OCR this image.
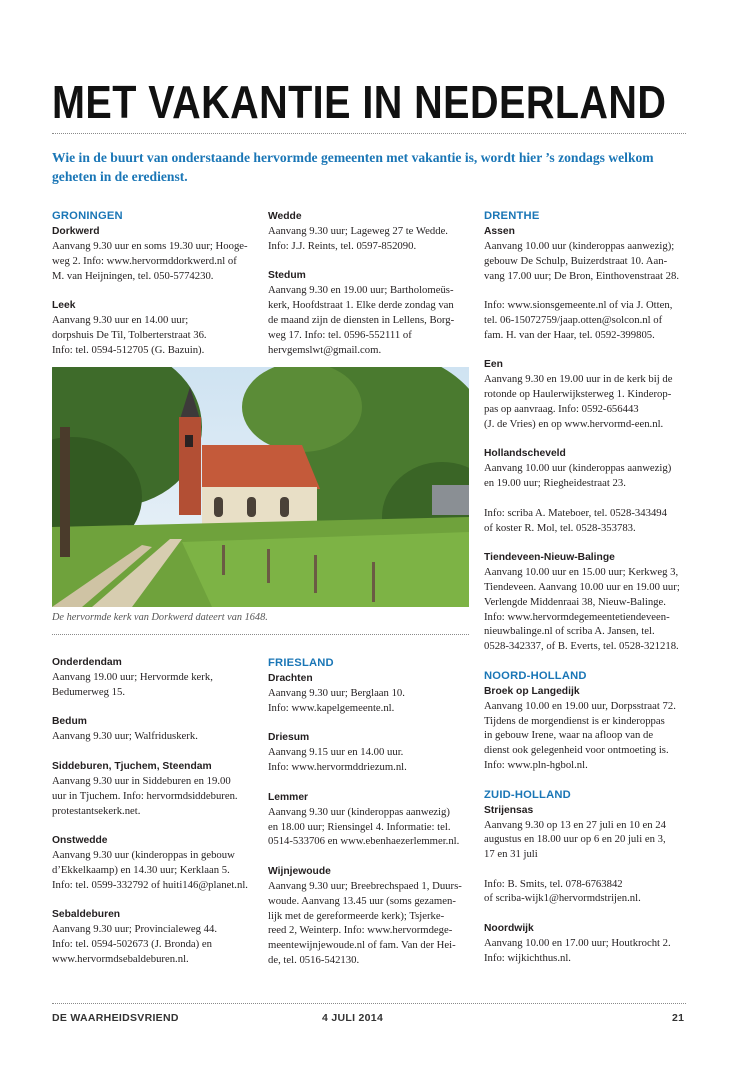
MET VAKANTIE IN NEDERLAND

Wie in de buurt van onderstaande hervormde gemeenten met vakantie is, wordt hier ’s zondags welkom geheten in de eredienst.

GRONINGEN
Dorkwerd

Aanvang 9.30 uur en soms 19.30 uur; Hooge-

weg 2. Info: www.hervormddorkwerd.nl of

M. van Heijningen, tel. 050-5774230.

Leek

Aanvang 9.30 uur en 14.00 uur;

dorpshuis De Til, Tolberterstraat 36.

Info: tel. 0594-512705 (G. Bazuin).

Wedde

Aanvang 9.30 uur; Lageweg 27 te Wedde.

Info: J.J. Reints, tel. 0597-852090.

Stedum

Aanvang 9.30 en 19.00 uur; Bartholomeüs-

kerk, Hoofdstraat 1. Elke derde zondag van

de maand zijn de diensten in Lellens, Borg-

weg 17. Info: tel. 0596-552111 of

hervgemslwt@gmail.com.

De hervormde kerk van Dorkwerd dateert van 1648.
Onderdendam

Aanvang 19.00 uur; Hervormde kerk,

Bedumerweg 15.

Bedum

Aanvang 9.30 uur; Walfriduskerk.

Siddeburen, Tjuchem, Steendam

Aanvang 9.30 uur in Siddeburen en 19.00

uur in Tjuchem. Info: hervormdsiddeburen.

protestantsekerk.net.

Onstwedde

Aanvang 9.30 uur (kinderoppas in gebouw

d’Ekkelkaamp) en 14.30 uur; Kerklaan 5.

Info: tel. 0599-332792 of huiti146@planet.nl.

Sebaldeburen

Aanvang 9.30 uur; Provincialeweg 44.

Info: tel. 0594-502673 (J. Bronda) en

www.hervormdsebaldeburen.nl.

FRIESLAND
Drachten

Aanvang 9.30 uur; Berglaan 10.

Info: www.kapelgemeente.nl.

Driesum

Aanvang 9.15 uur en 14.00 uur.

Info: www.hervormddriezum.nl.

Lemmer

Aanvang 9.30 uur (kinderoppas aanwezig)

en 18.00 uur; Riensingel 4. Informatie: tel.

0514-533706 en www.ebenhaezerlemmer.nl.

Wijnjewoude

Aanvang 9.30 uur; Breebrechspaed 1, Duurs-

woude. Aanvang 13.45 uur (soms gezamen-

lijk met de gereformeerde kerk); Tsjerke-

reed 2, Weinterp. Info: www.hervormdege-

meentewijnjewoude.nl of fam. Van der Hei-

de, tel. 0516-542130.

DRENTHE
Assen

Aanvang 10.00 uur (kinderoppas aanwezig);

gebouw De Schulp, Buizerdstraat 10. Aan-

vang 17.00 uur; De Bron, Einthovenstraat 28.

Info: www.sionsgemeente.nl of via J. Otten,

tel. 06-15072759/jaap.otten@solcon.nl of

fam. H. van der Haar, tel. 0592-399805.

Een

Aanvang 9.30 en 19.00 uur in de kerk bij de

rotonde op Haulerwijksterweg 1. Kinderop-

pas op aanvraag. Info: 0592-656443

(J. de Vries) en op www.hervormd-een.nl.

Hollandscheveld

Aanvang 10.00 uur (kinderoppas aanwezig)

en 19.00 uur; Riegheidestraat 23.

Info: scriba A. Mateboer, tel. 0528-343494

of koster R. Mol, tel. 0528-353783.

Tiendeveen-Nieuw-Balinge

Aanvang 10.00 uur en 15.00 uur; Kerkweg 3,

Tiendeveen. Aanvang 10.00 uur en 19.00 uur;

Verlengde Middenraai 38, Nieuw-Balinge.

Info: www.hervormdegemeentetiendeveen-

nieuwbalinge.nl of scriba A. Jansen, tel.

0528-342337, of B. Everts, tel. 0528-321218.

NOORD-HOLLAND
Broek op Langedijk

Aanvang 10.00 en 19.00 uur, Dorpsstraat 72.

Tijdens de morgendienst is er kinderoppas

in gebouw Irene, waar na afloop van de

dienst ook gelegenheid voor ontmoeting is.

Info: www.pln-hgbol.nl.

ZUID-HOLLAND
Strijensas

Aanvang 9.30 op 13 en 27 juli en 10 en 24

augustus en 18.00 uur op 6 en 20 juli en 3,

17 en 31 juli

Info: B. Smits, tel. 078-6763842

of scriba-wijk1@hervormdstrijen.nl.

Noordwijk

Aanvang 10.00 en 17.00 uur; Houtkrocht 2.

Info: wijkichthus.nl.

DE WAARHEIDSVRIEND	4 JULI 2014	21
